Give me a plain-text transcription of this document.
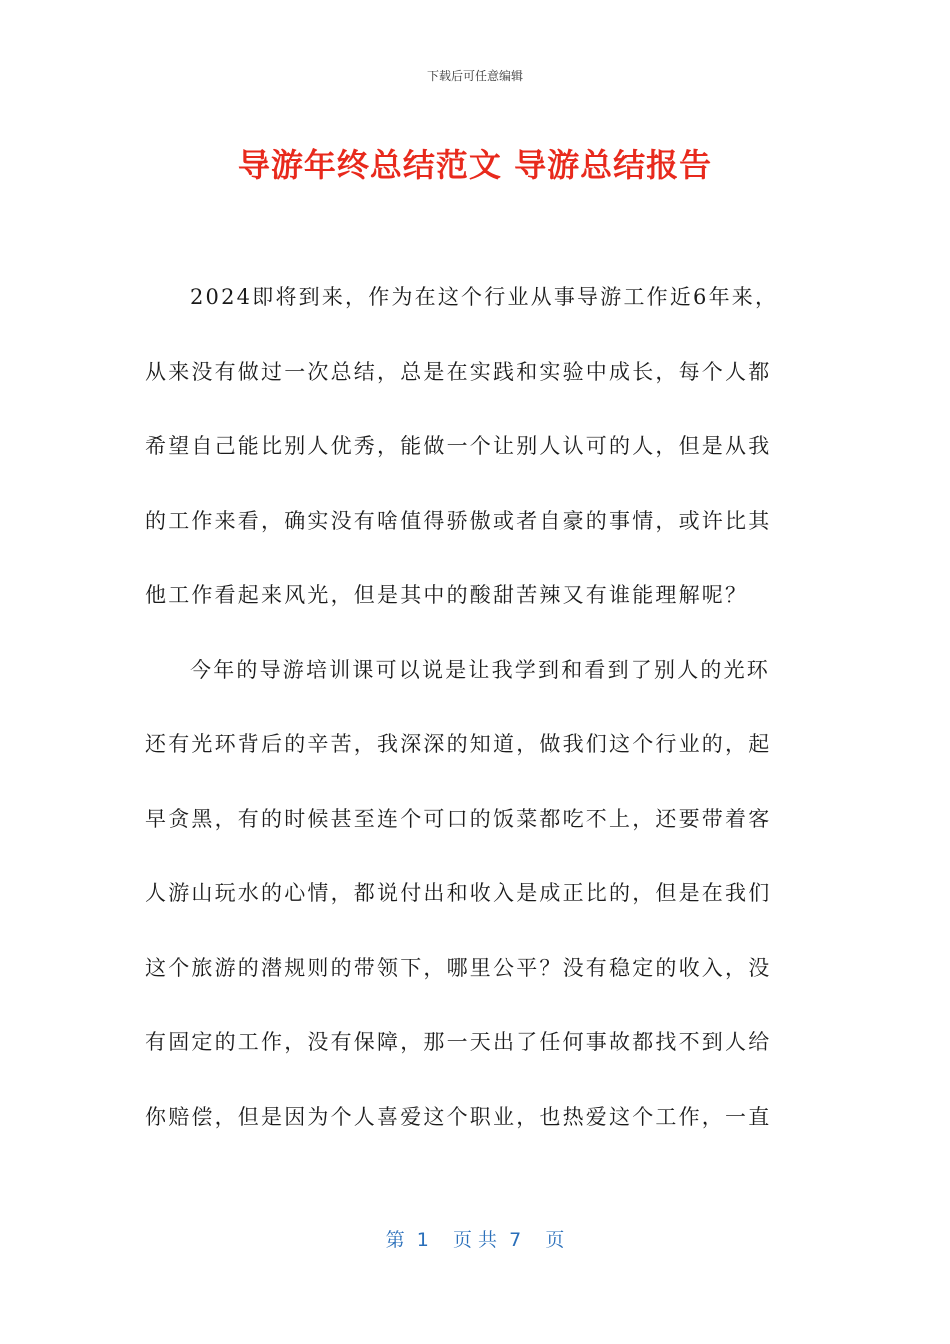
下载后可任意编辑
导游年终总结范文 导游总结报告
2024即将到来，作为在这个行业从事导游工作近6年来，
从来没有做过一次总结，总是在实践和实验中成长，每个人都
希望自己能比别人优秀，能做一个让别人认可的人，但是从我
的工作来看，确实没有啥值得骄傲或者自豪的事情，或许比其
他工作看起来风光，但是其中的酸甜苦辣又有谁能理解呢？
今年的导游培训课可以说是让我学到和看到了别人的光环
还有光环背后的辛苦，我深深的知道，做我们这个行业的，起
早贪黑，有的时候甚至连个可口的饭菜都吃不上，还要带着客
人游山玩水的心情，都说付出和收入是成正比的，但是在我们
这个旅游的潜规则的带领下，哪里公平？没有稳定的收入，没
有固定的工作，没有保障，那一天出了任何事故都找不到人给
你赔偿，但是因为个人喜爱这个职业，也热爱这个工作，一直
第  1    页 共  7    页
